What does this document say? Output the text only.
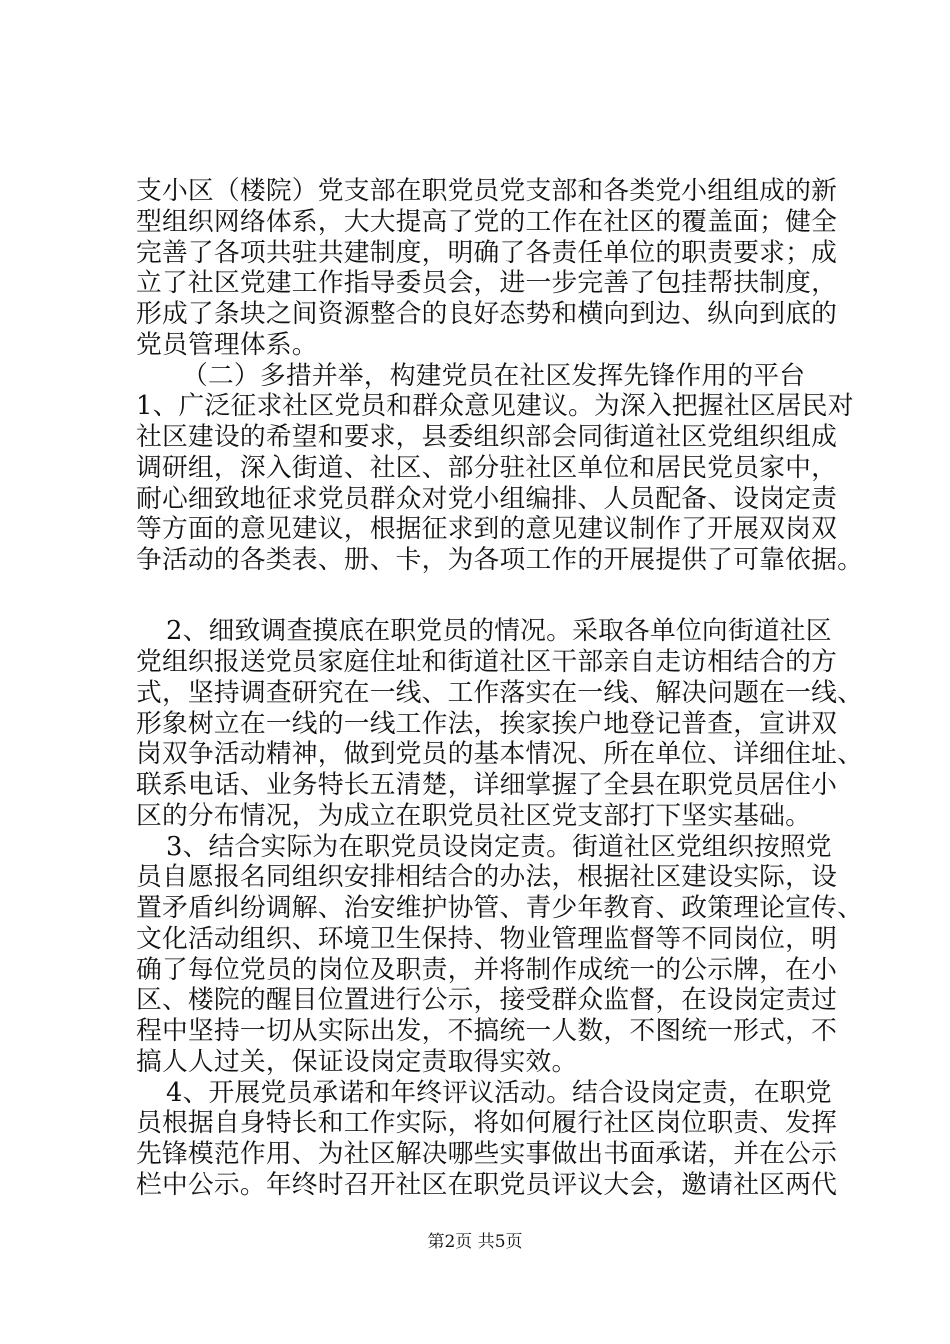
支小区（楼院）党支部在职党员党支部和各类党小组组成的新
型组织网络体系，大大提高了党的工作在社区的覆盖面；健全
完善了各项共驻共建制度，明确了各责任单位的职责要求；成
立了社区党建工作指导委员会，进一步完善了包挂帮扶制度，
形成了条块之间资源整合的良好态势和横向到边、纵向到底的
党员管理体系。
（二）多措并举，构建党员在社区发挥先锋作用的平台
1、广泛征求社区党员和群众意见建议。为深入把握社区居民对
社区建设的希望和要求，县委组织部会同街道社区党组织组成
调研组，深入街道、社区、部分驻社区单位和居民党员家中，
耐心细致地征求党员群众对党小组编排、人员配备、设岗定责
等方面的意见建议，根据征求到的意见建议制作了开展双岗双
争活动的各类表、册、卡，为各项工作的开展提供了可靠依据。
2、细致调查摸底在职党员的情况。采取各单位向街道社区
党组织报送党员家庭住址和街道社区干部亲自走访相结合的方
式，坚持调查研究在一线、工作落实在一线、解决问题在一线、
形象树立在一线的一线工作法，挨家挨户地登记普查，宣讲双
岗双争活动精神，做到党员的基本情况、所在单位、详细住址、
联系电话、业务特长五清楚，详细掌握了全县在职党员居住小
区的分布情况，为成立在职党员社区党支部打下坚实基础。
3、结合实际为在职党员设岗定责。街道社区党组织按照党
员自愿报名同组织安排相结合的办法，根据社区建设实际，设
置矛盾纠纷调解、治安维护协管、青少年教育、政策理论宣传、
文化活动组织、环境卫生保持、物业管理监督等不同岗位，明
确了每位党员的岗位及职责，并将制作成统一的公示牌，在小
区、楼院的醒目位置进行公示，接受群众监督，在设岗定责过
程中坚持一切从实际出发，不搞统一人数，不图统一形式，不
搞人人过关，保证设岗定责取得实效。
4、开展党员承诺和年终评议活动。结合设岗定责，在职党
员根据自身特长和工作实际，将如何履行社区岗位职责、发挥
先锋模范作用、为社区解决哪些实事做出书面承诺，并在公示
栏中公示。年终时召开社区在职党员评议大会，邀请社区两代
第2页 共5页
